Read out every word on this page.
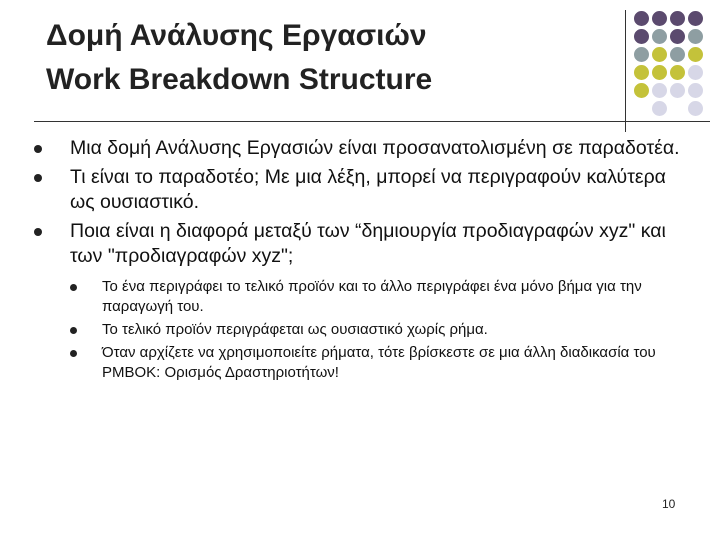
Δομή Ανάλυσης Εργασιών
Work Breakdown Structure
Μια δομή Ανάλυσης Εργασιών είναι προσανατολισμένη σε παραδοτέα.
Τι είναι το παραδοτέο; Με μια λέξη, μπορεί να περιγραφούν καλύτερα ως ουσιαστικό.
Ποια είναι η διαφορά μεταξύ των “δημιουργία προδιαγραφών xyz" και των "προδιαγραφών xyz";
Το ένα περιγράφει το τελικό προϊόν και το άλλο περιγράφει ένα μόνο βήμα για την παραγωγή του.
Το τελικό προϊόν περιγράφεται ως ουσιαστικό χωρίς ρήμα.
Όταν αρχίζετε να χρησιμοποιείτε ρήματα, τότε βρίσκεστε σε μια άλλη διαδικασία του PMBOK: Ορισμός Δραστηριοτήτων!
10
